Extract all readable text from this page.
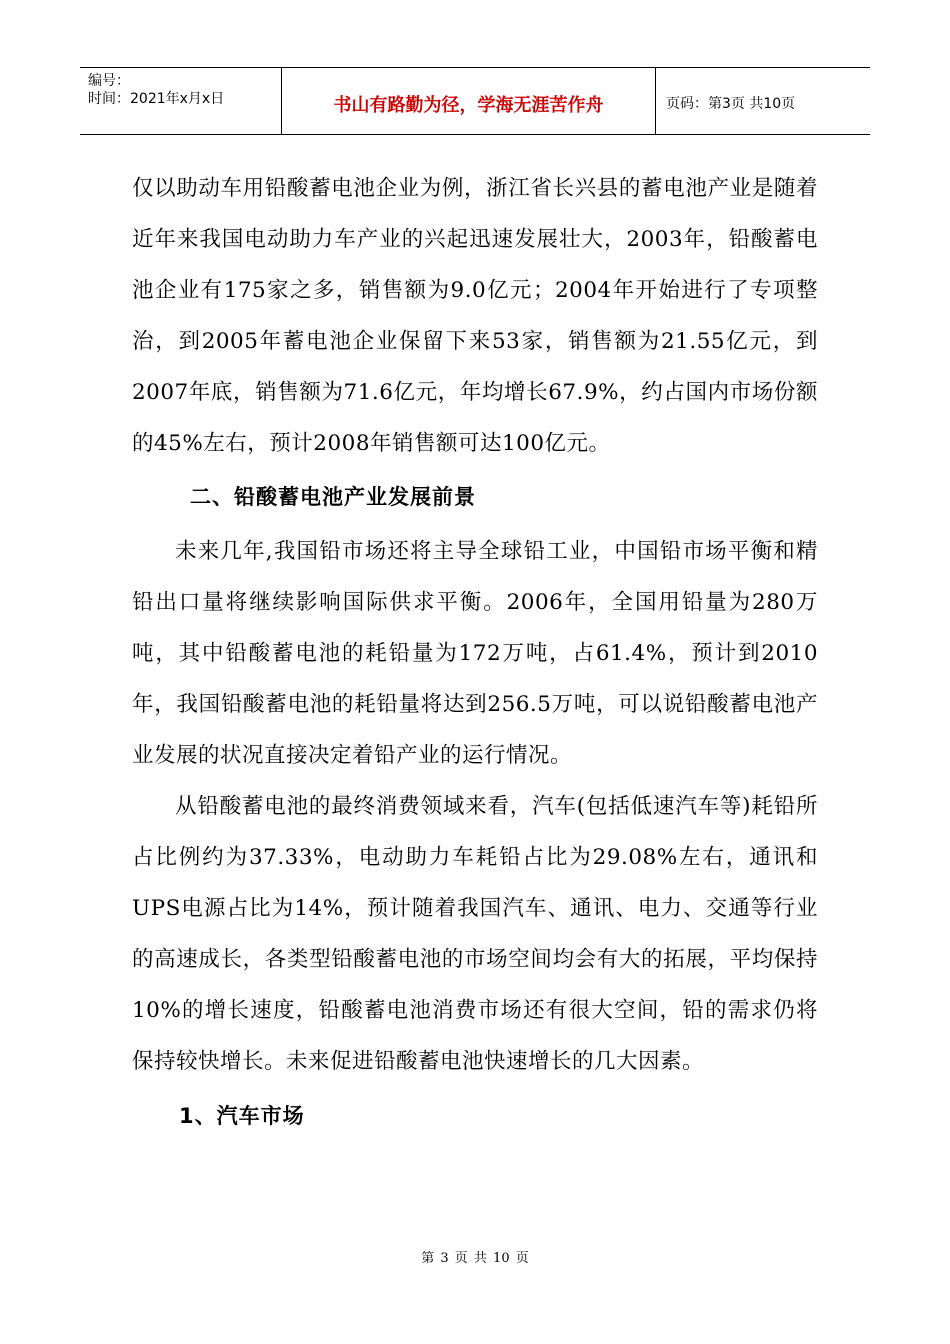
编号：
时间：2021年x月x日	书山有路勤为径，学海无涯苦作舟	页码：第3页 共10页

仅以助动车用铅酸蓄电池企业为例，浙江省长兴县的蓄电池产业是随着近年来我国电动助力车产业的兴起迅速发展壮大，2003年，铅酸蓄电池企业有175家之多，销售额为9.0亿元；2004年开始进行了专项整治，到2005年蓄电池企业保留下来53家，销售额为21.55亿元，到2007年底，销售额为71.6亿元，年均增长67.9%，约占国内市场份额的45%左右，预计2008年销售额可达100亿元。

二、铅酸蓄电池产业发展前景

未来几年,我国铅市场还将主导全球铅工业，中国铅市场平衡和精铅出口量将继续影响国际供求平衡。2006年，全国用铅量为280万吨，其中铅酸蓄电池的耗铅量为172万吨，占61.4%，预计到2010年，我国铅酸蓄电池的耗铅量将达到256.5万吨，可以说铅酸蓄电池产业发展的状况直接决定着铅产业的运行情况。

从铅酸蓄电池的最终消费领域来看，汽车(包括低速汽车等)耗铅所占比例约为37.33%，电动助力车耗铅占比为29.08%左右，通讯和UPS电源占比为14%，预计随着我国汽车、通讯、电力、交通等行业的高速成长，各类型铅酸蓄电池的市场空间均会有大的拓展，平均保持10%的增长速度，铅酸蓄电池消费市场还有很大空间，铅的需求仍将保持较快增长。未来促进铅酸蓄电池快速增长的几大因素。

1、汽车市场

第 3 页 共 10 页
